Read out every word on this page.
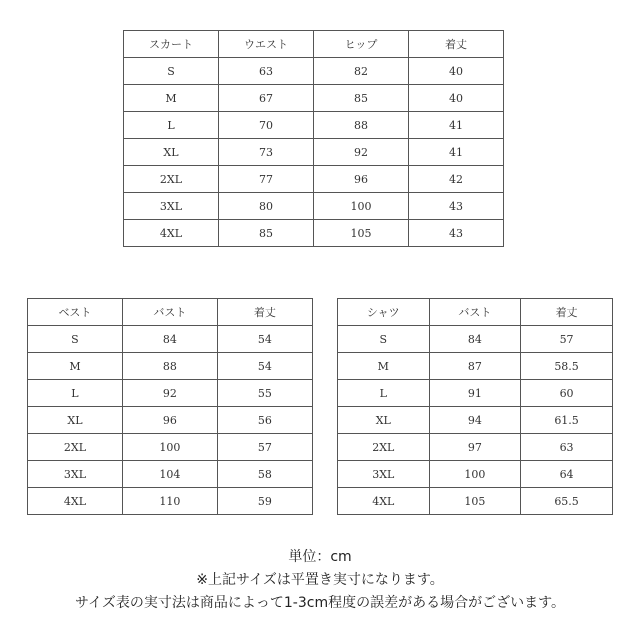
スカート	ウエスト	ヒップ	着丈
S	63	82	40
M	67	85	40
L	70	88	41
XL	73	92	41
2XL	77	96	42
3XL	80	100	43
4XL	85	105	43
ベスト	バスト	着丈
S	84	54
M	88	54
L	92	55
XL	96	56
2XL	100	57
3XL	104	58
4XL	110	59
シャツ	バスト	着丈
S	84	57
M	87	58.5
L	91	60
XL	94	61.5
2XL	97	63
3XL	100	64
4XL	105	65.5
単位：cm
※上記サイズは平置き実寸になります。
サイズ表の実寸法は商品によって1-3cm程度の誤差がある場合がございます。
